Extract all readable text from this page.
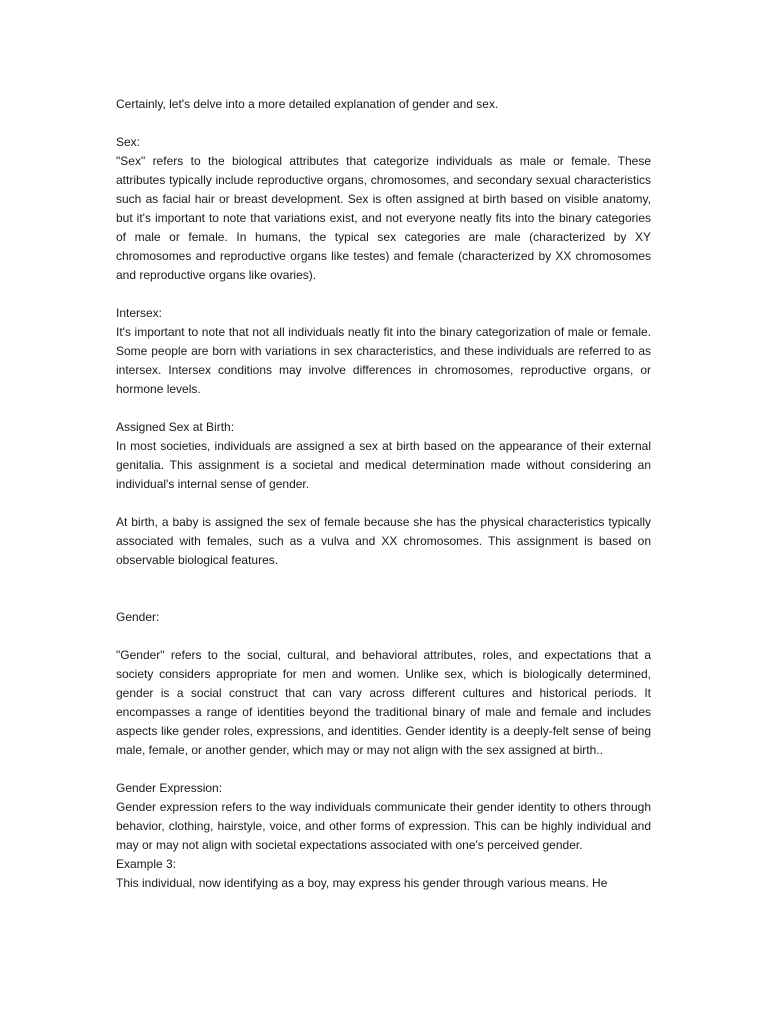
Certainly, let's delve into a more detailed explanation of gender and sex.

Sex:

"Sex" refers to the biological attributes that categorize individuals as male or female. These attributes typically include reproductive organs, chromosomes, and secondary sexual characteristics such as facial hair or breast development. Sex is often assigned at birth based on visible anatomy, but it's important to note that variations exist, and not everyone neatly fits into the binary categories of male or female. In humans, the typical sex categories are male (characterized by XY chromosomes and reproductive organs like testes) and female (characterized by XX chromosomes and reproductive organs like ovaries).

Intersex:

It's important to note that not all individuals neatly fit into the binary categorization of male or female. Some people are born with variations in sex characteristics, and these individuals are referred to as intersex. Intersex conditions may involve differences in chromosomes, reproductive organs, or hormone levels.

Assigned Sex at Birth:

In most societies, individuals are assigned a sex at birth based on the appearance of their external genitalia. This assignment is a societal and medical determination made without considering an individual's internal sense of gender.

At birth, a baby is assigned the sex of female because she has the physical characteristics typically associated with females, such as a vulva and XX chromosomes. This assignment is based on observable biological features.

Gender:

"Gender" refers to the social, cultural, and behavioral attributes, roles, and expectations that a society considers appropriate for men and women. Unlike sex, which is biologically determined, gender is a social construct that can vary across different cultures and historical periods. It encompasses a range of identities beyond the traditional binary of male and female and includes aspects like gender roles, expressions, and identities. Gender identity is a deeply-felt sense of being male, female, or another gender, which may or may not align with the sex assigned at birth..

Gender Expression:

Gender expression refers to the way individuals communicate their gender identity to others through behavior, clothing, hairstyle, voice, and other forms of expression. This can be highly individual and may or may not align with societal expectations associated with one's perceived gender.

Example 3:

This individual, now identifying as a boy, may express his gender through various means. He
